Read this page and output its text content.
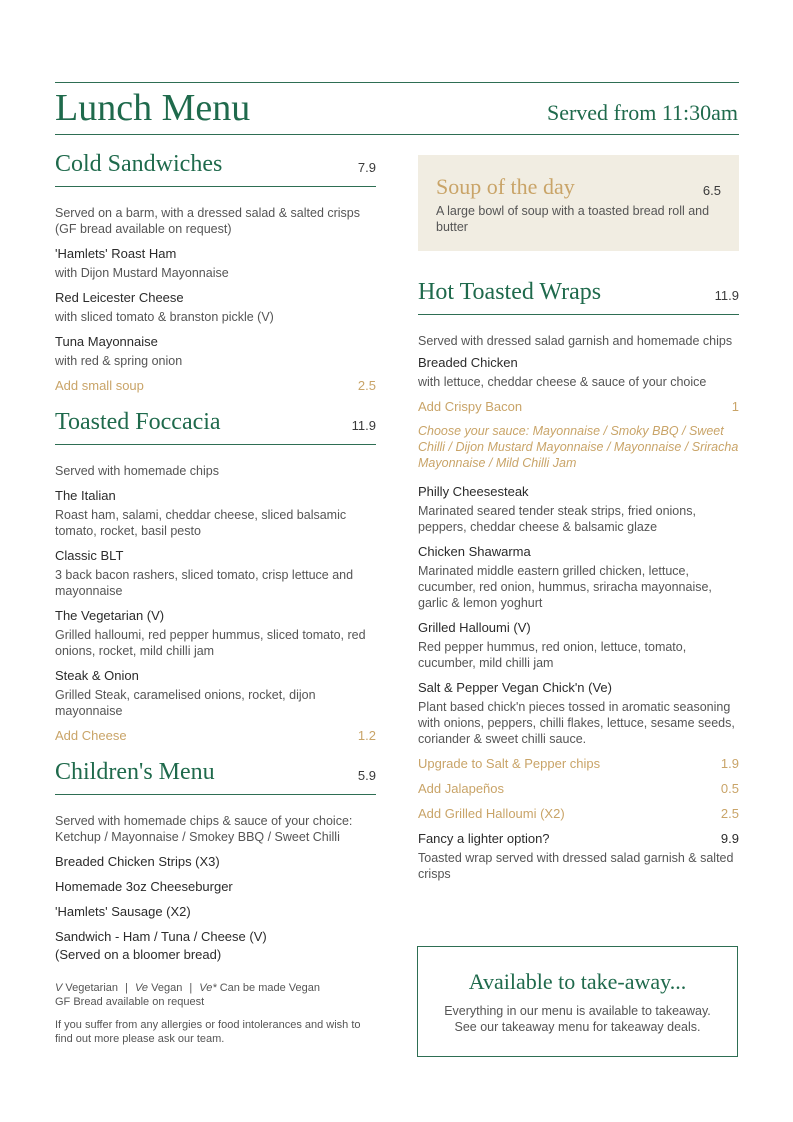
Lunch Menu	Served from 11:30am
Cold Sandwiches	7.9
Served on a barm, with a dressed salad & salted crisps (GF bread available on request)
'Hamlets' Roast Ham
with Dijon Mustard Mayonnaise
Red Leicester Cheese
with sliced tomato & branston pickle (V)
Tuna Mayonnaise
with red & spring onion
Add small soup	2.5
Toasted Foccacia	11.9
Served with homemade chips
The Italian
Roast ham, salami, cheddar cheese, sliced balsamic tomato, rocket, basil pesto
Classic BLT
3 back bacon rashers, sliced tomato, crisp lettuce and mayonnaise
The Vegetarian (V)
Grilled halloumi, red pepper hummus, sliced tomato, red onions, rocket, mild chilli jam
Steak & Onion
Grilled Steak, caramelised onions, rocket, dijon mayonnaise
Add Cheese	1.2
Children's Menu	5.9
Served with homemade chips & sauce of your choice: Ketchup / Mayonnaise / Smokey BBQ / Sweet Chilli
Breaded Chicken Strips (X3)
Homemade 3oz Cheeseburger
'Hamlets' Sausage (X2)
Sandwich - Ham / Tuna / Cheese (V)
(Served on a bloomer bread)
V Vegetarian | Ve Vegan | Ve* Can be made Vegan
GF Bread available on request
If you suffer from any allergies or food intolerances and wish to find out more please ask our team.
Soup of the day	6.5
A large bowl of soup with a toasted bread roll and butter
Hot Toasted Wraps	11.9
Served with dressed salad garnish and homemade chips
Breaded Chicken
with lettuce, cheddar cheese & sauce of your choice
Add Crispy Bacon	1
Choose your sauce: Mayonnaise / Smoky BBQ / Sweet Chilli / Dijon Mustard Mayonnaise / Mayonnaise / Sriracha Mayonnaise / Mild Chilli Jam
Philly Cheesesteak
Marinated seared tender steak strips, fried onions, peppers, cheddar cheese & balsamic glaze
Chicken Shawarma
Marinated middle eastern grilled chicken, lettuce, cucumber, red onion, hummus, sriracha mayonnaise, garlic & lemon yoghurt
Grilled Halloumi (V)
Red pepper hummus, red onion, lettuce, tomato, cucumber, mild chilli jam
Salt & Pepper Vegan Chick'n (Ve)
Plant based chick'n pieces tossed in aromatic seasoning with onions, peppers, chilli flakes, lettuce, sesame seeds, coriander & sweet chilli sauce.
Upgrade to Salt & Pepper chips	1.9
Add Jalapeños	0.5
Add Grilled Halloumi (X2)	2.5
Fancy a lighter option?	9.9
Toasted wrap served with dressed salad garnish & salted crisps
Available to take-away...
Everything in our menu is available to takeaway.
See our takeaway menu for takeaway deals.
